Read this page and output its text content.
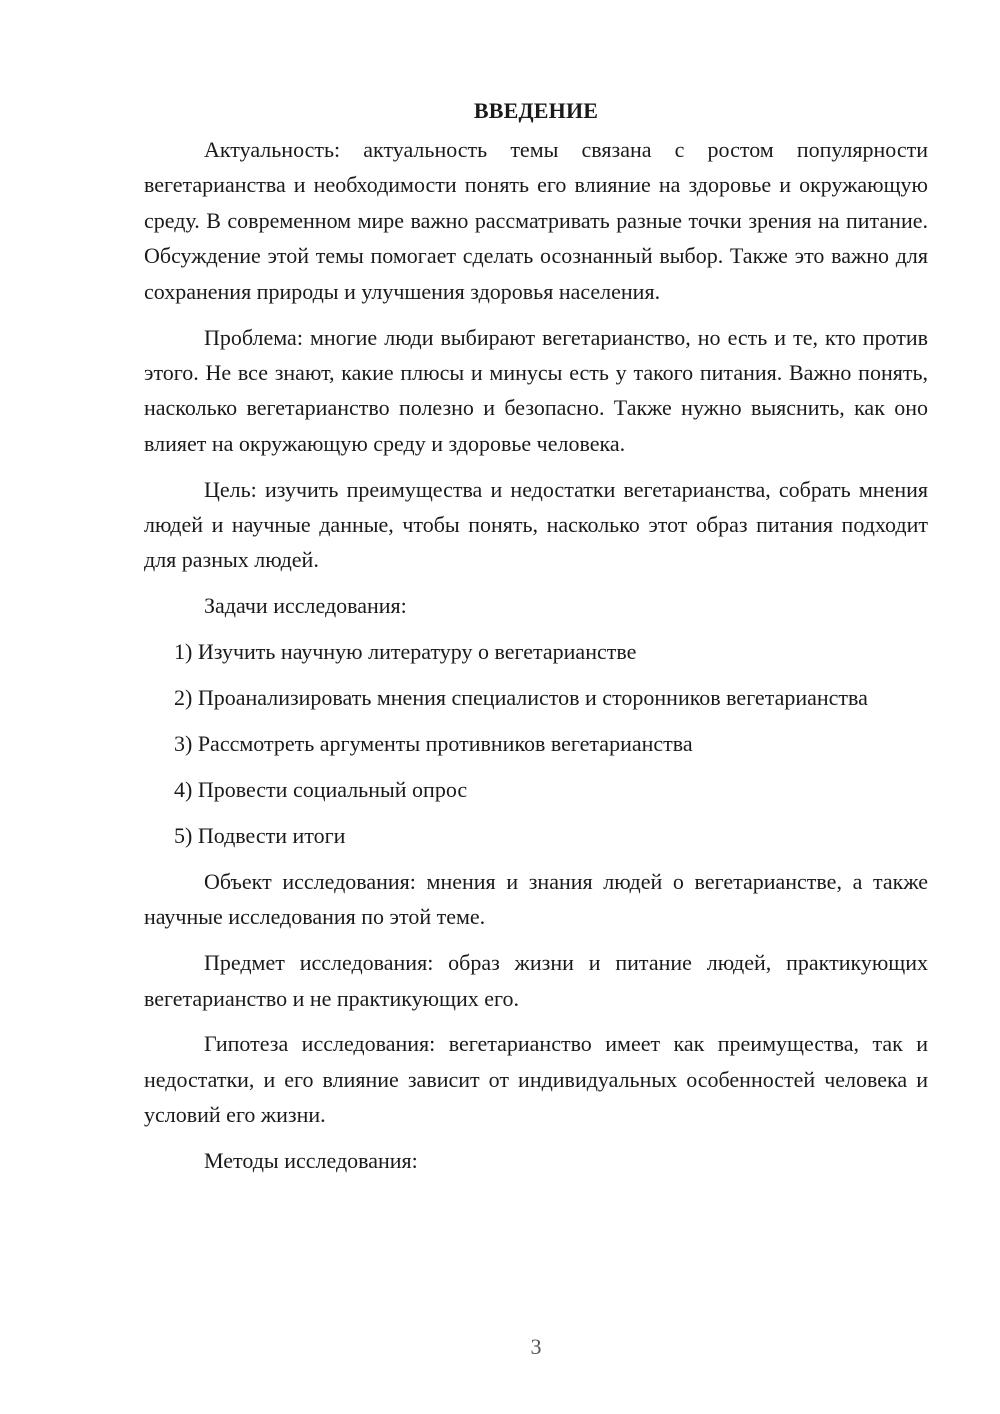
ВВЕДЕНИЕ

Актуальность: актуальность темы связана с ростом популярности вегетарианства и необходимости понять его влияние на здоровье и окружающую среду. В современном мире важно рассматривать разные точки зрения на питание. Обсуждение этой темы помогает сделать осознанный выбор. Также это важно для сохранения природы и улучшения здоровья населения.

Проблема: многие люди выбирают вегетарианство, но есть и те, кто против этого. Не все знают, какие плюсы и минусы есть у такого питания. Важно понять, насколько вегетарианство полезно и безопасно. Также нужно выяснить, как оно влияет на окружающую среду и здоровье человека.

Цель: изучить преимущества и недостатки вегетарианства, собрать мнения людей и научные данные, чтобы понять, насколько этот образ питания подходит для разных людей.

Задачи исследования:

1) Изучить научную литературу о вегетарианстве

2) Проанализировать мнения специалистов и сторонников вегетарианства

3) Рассмотреть аргументы противников вегетарианства

4) Провести социальный опрос

5) Подвести итоги

Объект исследования: мнения и знания людей о вегетарианстве, а также научные исследования по этой теме.

Предмет исследования: образ жизни и питание людей, практикующих вегетарианство и не практикующих его.

Гипотеза исследования: вегетарианство имеет как преимущества, так и недостатки, и его влияние зависит от индивидуальных особенностей человека и условий его жизни.

Методы исследования:

3
